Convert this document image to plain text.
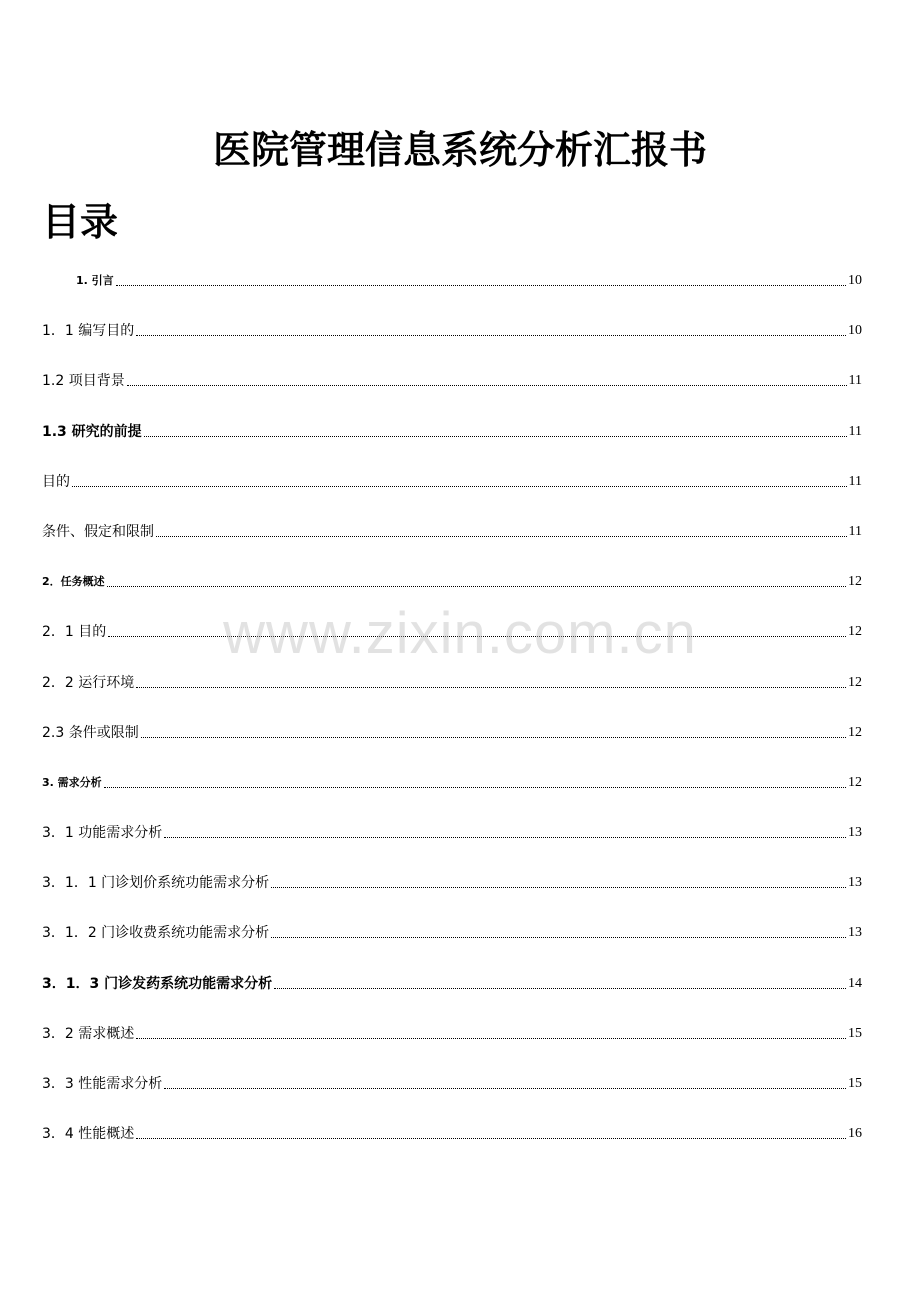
医院管理信息系统分析汇报书
目录
1. 引言	10
1．1 编写目的	10
1.2 项目背景	11
1.3 研究的前提	11
目的	11
条件、假定和限制	11
2．任务概述	12
2．1 目的	12
2．2 运行环境	12
2.3 条件或限制	12
3. 需求分析	12
3．1 功能需求分析	13
3．1．1 门诊划价系统功能需求分析	13
3．1．2 门诊收费系统功能需求分析	13
3．1．3 门诊发药系统功能需求分析	14
3．2 需求概述	15
3．3 性能需求分析	15
3．4 性能概述	16
www.zixin.com.cn
